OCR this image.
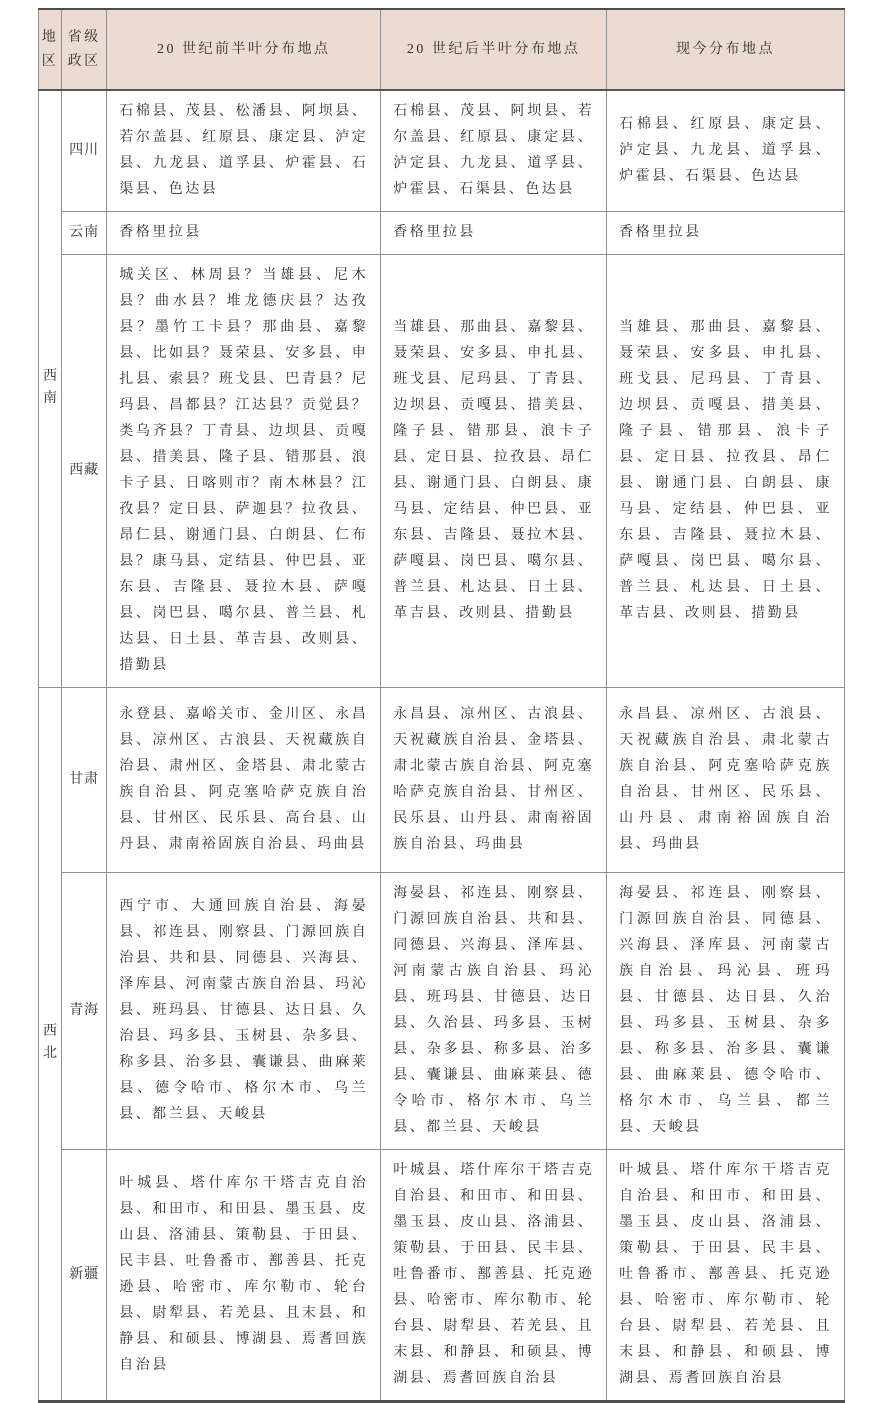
地区	省级政区	20 世纪前半叶分布地点	20 世纪后半叶分布地点	现今分布地点
西南	四川	石棉县、茂县、松潘县、阿坝县、若尔盖县、红原县、康定县、泸定县、九龙县、道孚县、炉霍县、石渠县、色达县	石棉县、茂县、阿坝县、若尔盖县、红原县、康定县、泸定县、九龙县、道孚县、炉霍县、石渠县、色达县	石棉县、红原县、康定县、泸定县、九龙县、道孚县、炉霍县、石渠县、色达县
	云南	香格里拉县	香格里拉县	香格里拉县
	西藏	城关区、林周县？当雄县、尼木县？曲水县？堆龙德庆县？达孜县？墨竹工卡县？那曲县、嘉黎县、比如县？聂荣县、安多县、申扎县、索县？班戈县、巴青县？尼玛县、昌都县？江达县？贡觉县？类乌齐县？丁青县、边坝县、贡嘎县、措美县、隆子县、错那县、浪卡子县、日喀则市？南木林县？江孜县？定日县、萨迦县？拉孜县、昂仁县、谢通门县、白朗县、仁布县？康马县、定结县、仲巴县、亚东县、吉隆县、聂拉木县、萨嘎县、岗巴县、噶尔县、普兰县、札达县、日土县、革吉县、改则县、措勤县	当雄县、那曲县、嘉黎县、聂荣县、安多县、申扎县、班戈县、尼玛县、丁青县、边坝县、贡嘎县、措美县、隆子县、错那县、浪卡子县、定日县、拉孜县、昂仁县、谢通门县、白朗县、康马县、定结县、仲巴县、亚东县、吉隆县、聂拉木县、萨嘎县、岗巴县、噶尔县、普兰县、札达县、日土县、革吉县、改则县、措勤县	当雄县、那曲县、嘉黎县、聂荣县、安多县、申扎县、班戈县、尼玛县、丁青县、边坝县、贡嘎县、措美县、隆子县、错那县、浪卡子县、定日县、拉孜县、昂仁县、谢通门县、白朗县、康马县、定结县、仲巴县、亚东县、吉隆县、聂拉木县、萨嘎县、岗巴县、噶尔县、普兰县、札达县、日土县、革吉县、改则县、措勤县
西北	甘肃	永登县、嘉峪关市、金川区、永昌县、凉州区、古浪县、天祝藏族自治县、肃州区、金塔县、肃北蒙古族自治县、阿克塞哈萨克族自治县、甘州区、民乐县、高台县、山丹县、肃南裕固族自治县、玛曲县	永昌县、凉州区、古浪县、天祝藏族自治县、金塔县、肃北蒙古族自治县、阿克塞哈萨克族自治县、甘州区、民乐县、山丹县、肃南裕固族自治县、玛曲县	永昌县、凉州区、古浪县、天祝藏族自治县、肃北蒙古族自治县、阿克塞哈萨克族自治县、甘州区、民乐县、山丹县、肃南裕固族自治县、玛曲县
	青海	西宁市、大通回族自治县、海晏县、祁连县、刚察县、门源回族自治县、共和县、同德县、兴海县、泽库县、河南蒙古族自治县、玛沁县、班玛县、甘德县、达日县、久治县、玛多县、玉树县、杂多县、称多县、治多县、囊谦县、曲麻莱县、德令哈市、格尔木市、乌兰县、都兰县、天峻县	海晏县、祁连县、刚察县、门源回族自治县、共和县、同德县、兴海县、泽库县、河南蒙古族自治县、玛沁县、班玛县、甘德县、达日县、久治县、玛多县、玉树县、杂多县、称多县、治多县、囊谦县、曲麻莱县、德令哈市、格尔木市、乌兰县、都兰县、天峻县	海晏县、祁连县、刚察县、门源回族自治县、同德县、兴海县、泽库县、河南蒙古族自治县、玛沁县、班玛县、甘德县、达日县、久治县、玛多县、玉树县、杂多县、称多县、治多县、囊谦县、曲麻莱县、德令哈市、格尔木市、乌兰县、都兰县、天峻县
	新疆	叶城县、塔什库尔干塔吉克自治县、和田市、和田县、墨玉县、皮山县、洛浦县、策勒县、于田县、民丰县、吐鲁番市、鄯善县、托克逊县、哈密市、库尔勒市、轮台县、尉犁县、若羌县、且末县、和静县、和硕县、博湖县、焉耆回族自治县	叶城县、塔什库尔干塔吉克自治县、和田市、和田县、墨玉县、皮山县、洛浦县、策勒县、于田县、民丰县、吐鲁番市、鄯善县、托克逊县、哈密市、库尔勒市、轮台县、尉犁县、若羌县、且末县、和静县、和硕县、博湖县、焉耆回族自治县	叶城县、塔什库尔干塔吉克自治县、和田市、和田县、墨玉县、皮山县、洛浦县、策勒县、于田县、民丰县、吐鲁番市、鄯善县、托克逊县、哈密市、库尔勒市、轮台县、尉犁县、若羌县、且末县、和静县、和硕县、博湖县、焉耆回族自治县
